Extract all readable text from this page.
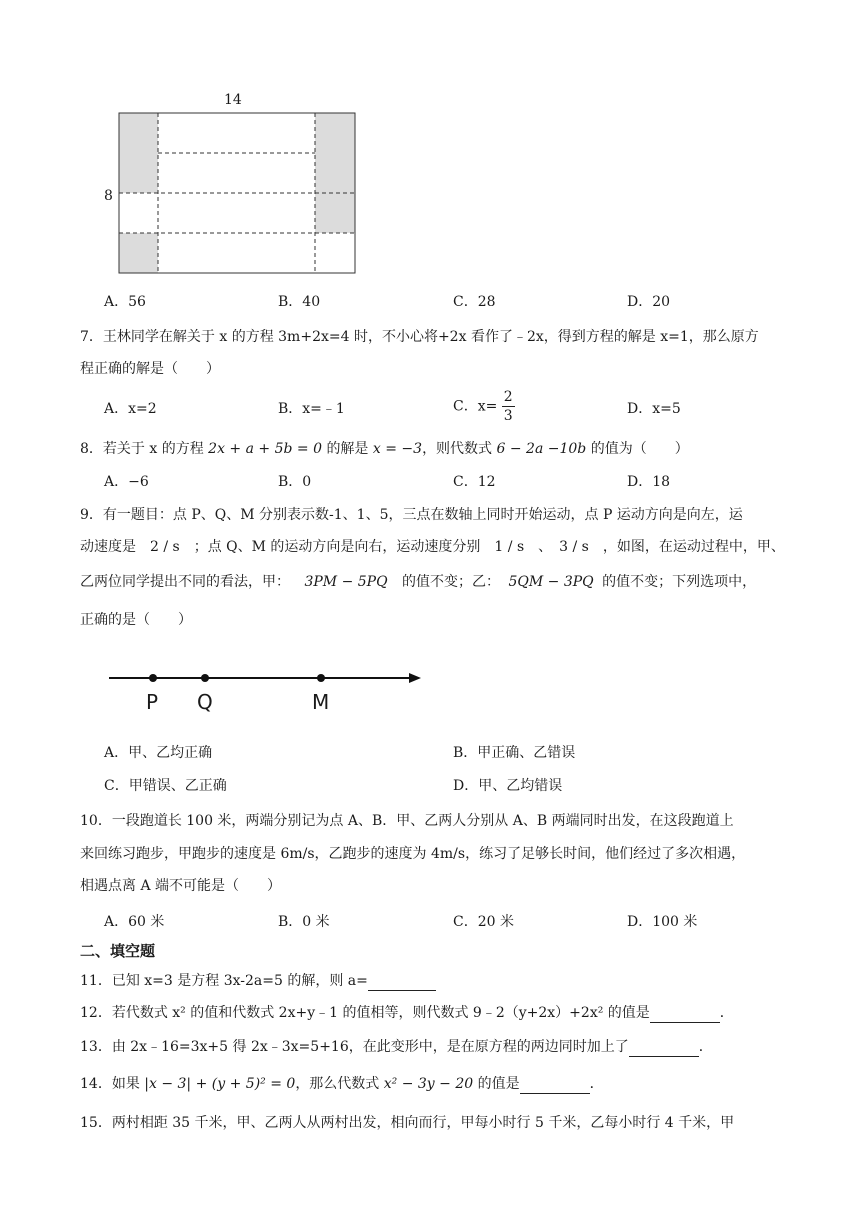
14
8
A．56	B．40	C．28	D．20
7．王林同学在解关于 x 的方程 3m+2x=4 时，不小心将+2x 看作了﹣2x，得到方程的解是 x=1，那么原方
程正确的解是（　　）
A．x=2	B．x=﹣1	C．$x= \frac{2}{3}$	D．x=5
8．若关于 x 的方程 2x + a + 5b = 0 的解是 x = −3，则代数式 6 − 2a −10b 的值为（　　）
A．−6	B．0	C．12	D．18
9．有一题目：点 P、Q、M 分别表示数-1、1、5，三点在数轴上同时开始运动，点 P 运动方向是向左，运
动速度是　2 / s　；点 Q、M 的运动方向是向右，运动速度分别　1 / s　、　3 / s　，如图，在运动过程中，甲、
乙两位同学提出不同的看法，甲： 3PM − 5PQ 的值不变；乙： 5QM − 3PQ 的值不变；下列选项中，
正确的是（　　）
P Q	M
A．甲、乙均正确	B．甲正确、乙错误
C．甲错误、乙正确	D．甲、乙均错误
10．一段跑道长 100 米，两端分别记为点 A、B．甲、乙两人分别从 A、B 两端同时出发，在这段跑道上
来回练习跑步，甲跑步的速度是 6m/s，乙跑步的速度为 4m/s，练习了足够长时间，他们经过了多次相遇，
相遇点离 A 端不可能是（　　）
A．60 米	B．0 米	C．20 米	D．100 米
二、填空题
11．已知 x=3 是方程 3x-2a=5 的解，则 a=
12．若代数式 x² 的值和代数式 2x+y﹣1 的值相等，则代数式 9﹣2（y+2x）+2x² 的值是	．
13．由 2x﹣16=3x+5 得 2x﹣3x=5+16，在此变形中，是在原方程的两边同时加上了	．
14．如果 |x − 3| + (y + 5)² = 0，那么代数式 x² − 3y − 20 的值是	．
15．两村相距 35 千米，甲、乙两人从两村出发，相向而行，甲每小时行 5 千米，乙每小时行 4 千米，甲
